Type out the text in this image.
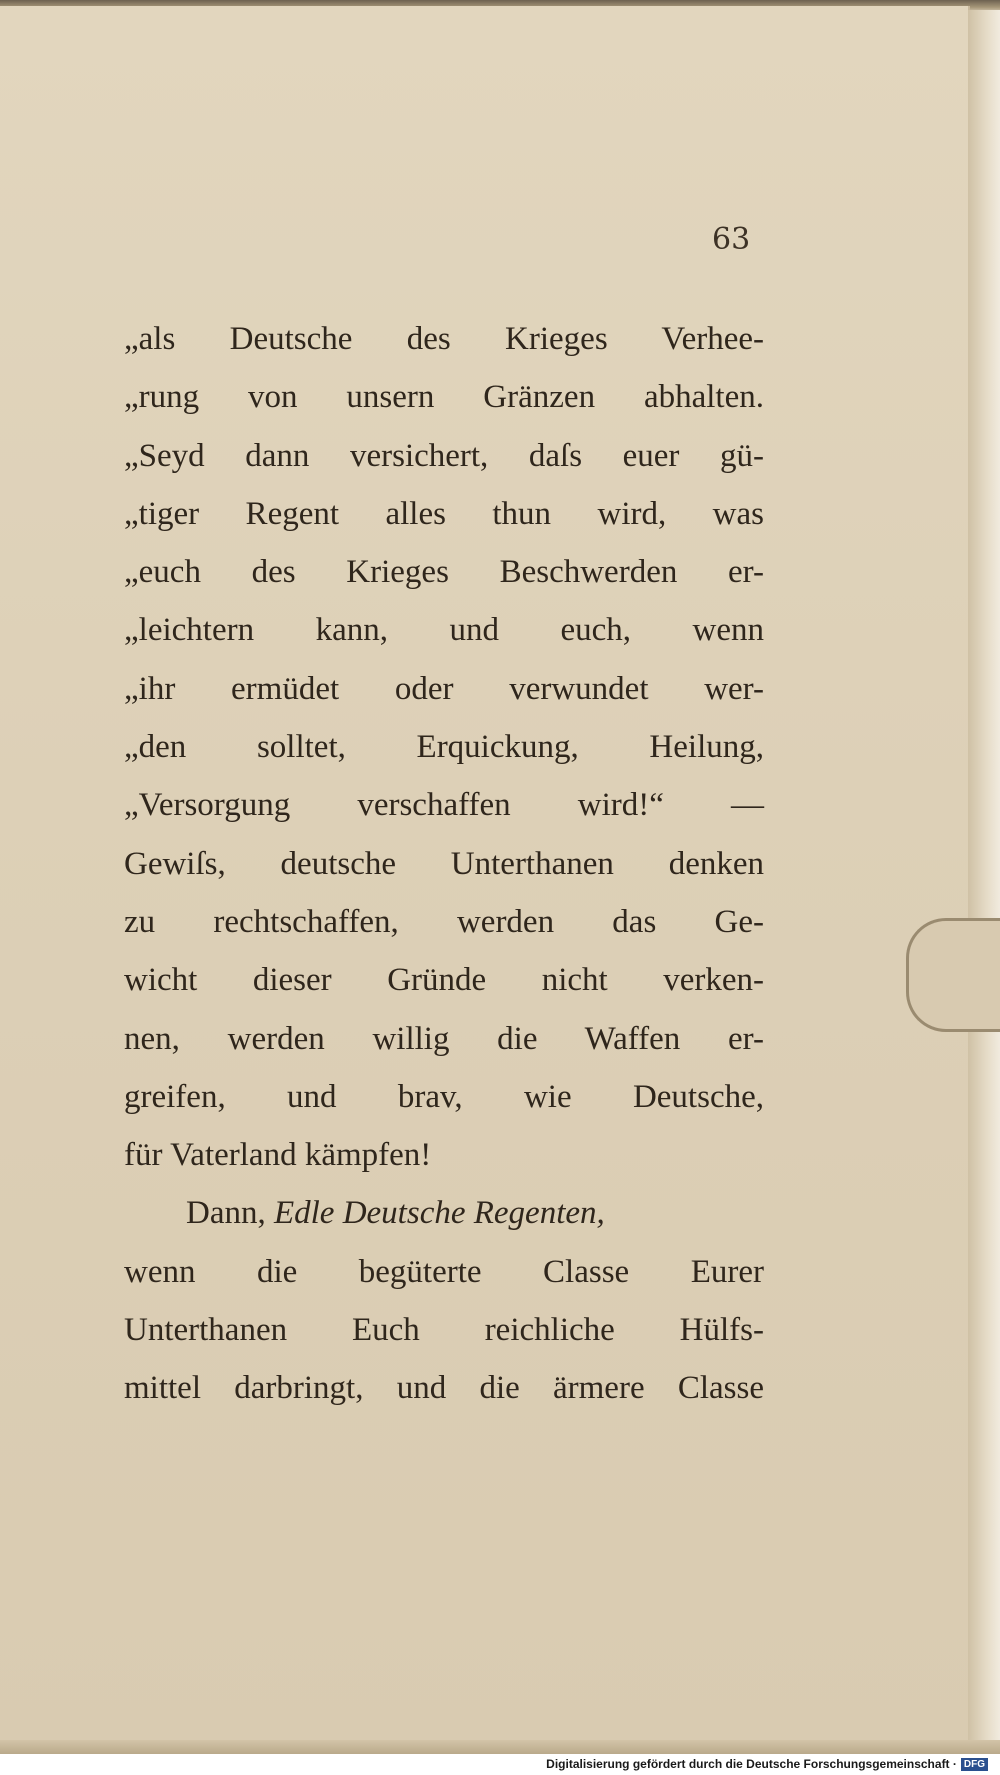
63
„als Deutsche des Krieges Verhee-
„rung von unsern Gränzen abhalten.
„Seyd dann versichert, daſs euer gü-
„tiger Regent alles thun wird, was
„euch des Krieges Beschwerden er-
„leichtern kann, und euch, wenn
„ihr ermüdet oder verwundet wer-
„den solltet, Erquickung, Heilung,
„Versorgung verschaffen wird!“ —
Gewiſs, deutsche Unterthanen denken
zu rechtschaffen, werden das Ge-
wicht dieser Gründe nicht verken-
nen, werden willig die Waffen er-
greifen, und brav, wie Deutsche,
für Vaterland kämpfen!
Dann, Edle Deutsche Regenten,
wenn die begüterte Classe Eurer
Unterthanen Euch reichliche Hülfs-
mittel darbringt, und die ärmere Classe
Digitalisierung gefördert durch die Deutsche Forschungsgemeinschaft · DFG
